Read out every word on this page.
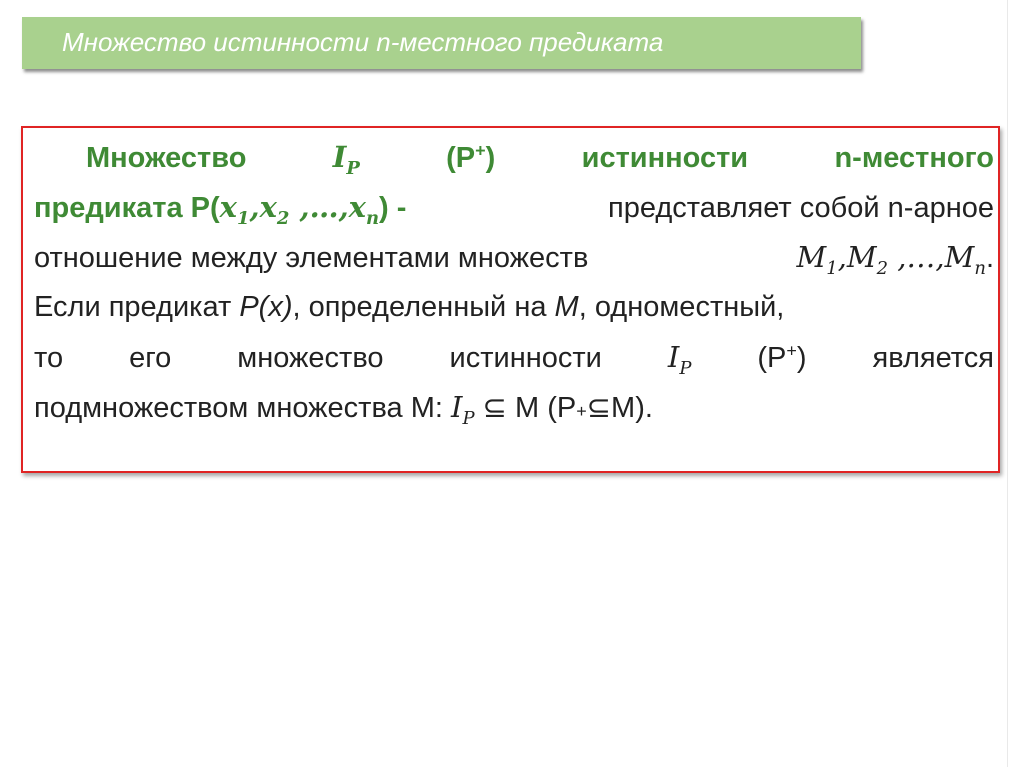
Множество истинности n-местного предиката
Множество	$I_P$	(P+)	истинности	n-местного
предиката $P(x_1,x_2$ $,\dots,x_n$) -	представляет собой n-арное
отношение между элементами множеств	$M_1,M_2$ $,\dots,M_n$.
Если предикат
P(x) , определенный на
M , одноместный,
то его множество истинности $I_P$ (P+) является
подмножеством множества М:
$I_P$
⊆
М (P + ⊆ M).
